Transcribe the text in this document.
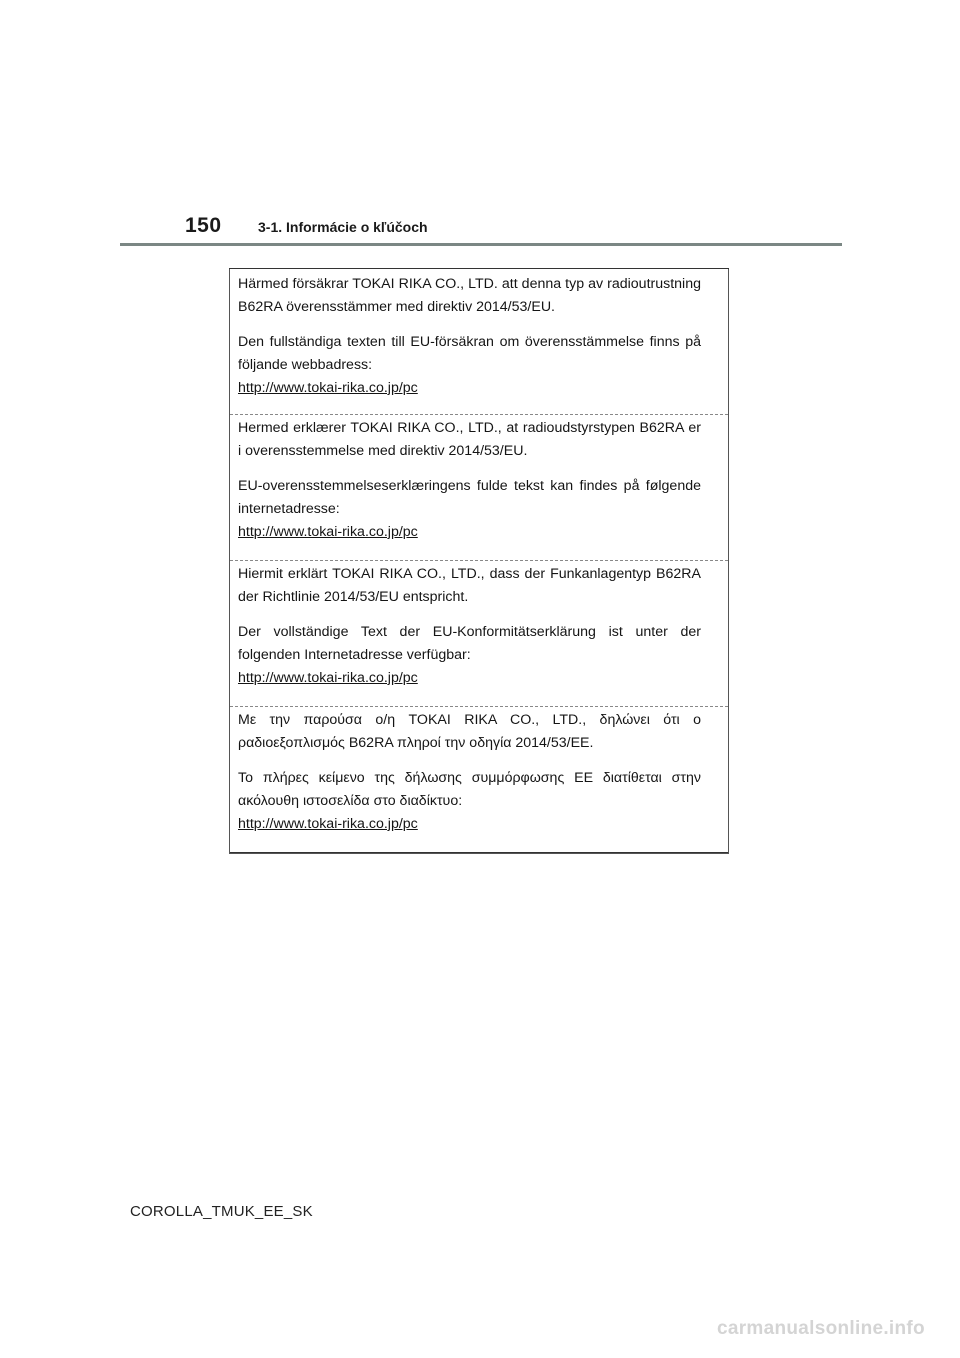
150	3-1. Informácie o kľúčoch

Härmed försäkrar TOKAI RIKA CO., LTD. att denna typ av radioutrustning B62RA överensstämmer med direktiv 2014/53/EU.

Den fullständiga texten till EU-försäkran om överensstämmelse finns på följande webbadress:

http://www.tokai-rika.co.jp/pc

Hermed erklærer TOKAI RIKA CO., LTD., at radioudstyrstypen B62RA er i overensstemmelse med direktiv 2014/53/EU.

EU-overensstemmelseserklæringens fulde tekst kan findes på følgende internetadresse:

http://www.tokai-rika.co.jp/pc

Hiermit erklärt TOKAI RIKA CO., LTD., dass der Funkanlagentyp B62RA der Richtlinie 2014/53/EU entspricht.

Der vollständige Text der EU-Konformitätserklärung ist unter der folgenden Internetadresse verfügbar:

http://www.tokai-rika.co.jp/pc

Με την παρούσα ο/η TOKAI RIKA CO., LTD., δηλώνει ότι ο ραδιοεξοπλισμός B62RA πληροί την οδηγία 2014/53/ΕΕ.

Το πλήρες κείμενο της δήλωσης συμμόρφωσης ΕΕ διατίθεται στην ακόλουθη ιστοσελίδα στο διαδίκτυο:

http://www.tokai-rika.co.jp/pc
COROLLA_TMUK_EE_SK
carmanualsonline.info
